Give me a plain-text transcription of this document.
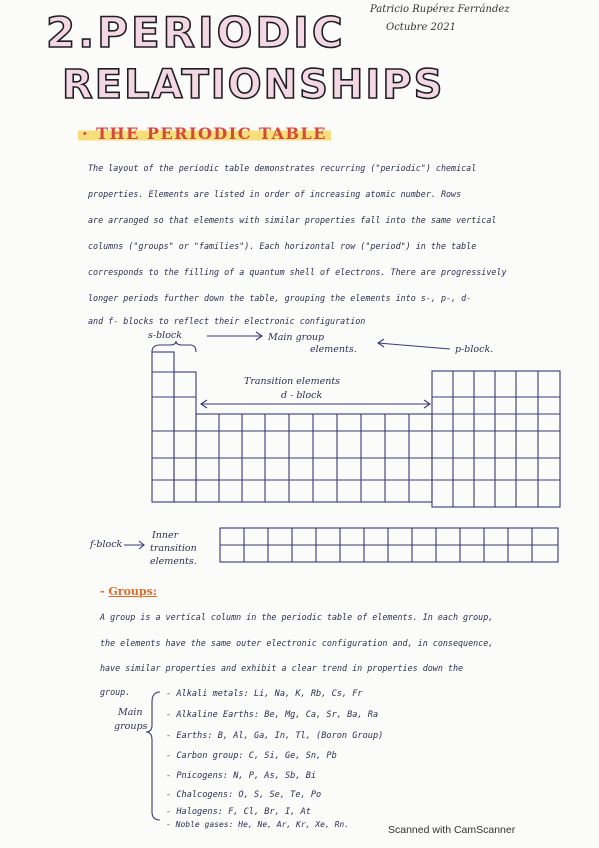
2.PERIODIC
RELATIONSHIPS
Patricio Rupérez Ferrández
Octubre 2021
· THE PERIODIC TABLE
The layout of the periodic table demonstrates recurring ("periodic") chemical
properties. Elements are listed in order of increasing atomic number. Rows
are arranged so that elements with similar properties fall into the same vertical
columns ("groups" or "families"). Each horizontal row ("period") in the table
corresponds to the filling of a quantum shell of electrons. There are progressively
longer periods further down the table, grouping the elements into s-, p-, d-
and f- blocks to reflect their electronic configuration
s-block	Main group
elements.	p-block.
Transition elements
d - block
f-block
Inner
transition
elements.
- Groups:
A group is a vertical column in the periodic table of elements. In each group,
the elements have the same outer electronic configuration and, in consequence,
have similar properties and exhibit a clear trend in properties down the
group.
Main
groups
- Alkali metals: Li, Na, K, Rb, Cs, Fr
- Alkaline Earths: Be, Mg, Ca, Sr, Ba, Ra
- Earths: B, Al, Ga, In, Tl, (Boron Group)
- Carbon group: C, Si, Ge, Sn, Pb
- Pnicogens: N, P, As, Sb, Bi
- Chalcogens: O, S, Se, Te, Po
- Halogens: F, Cl, Br, I, At
- Noble gases: He, Ne, Ar, Kr, Xe, Rn.	Scanned with CamScanner
